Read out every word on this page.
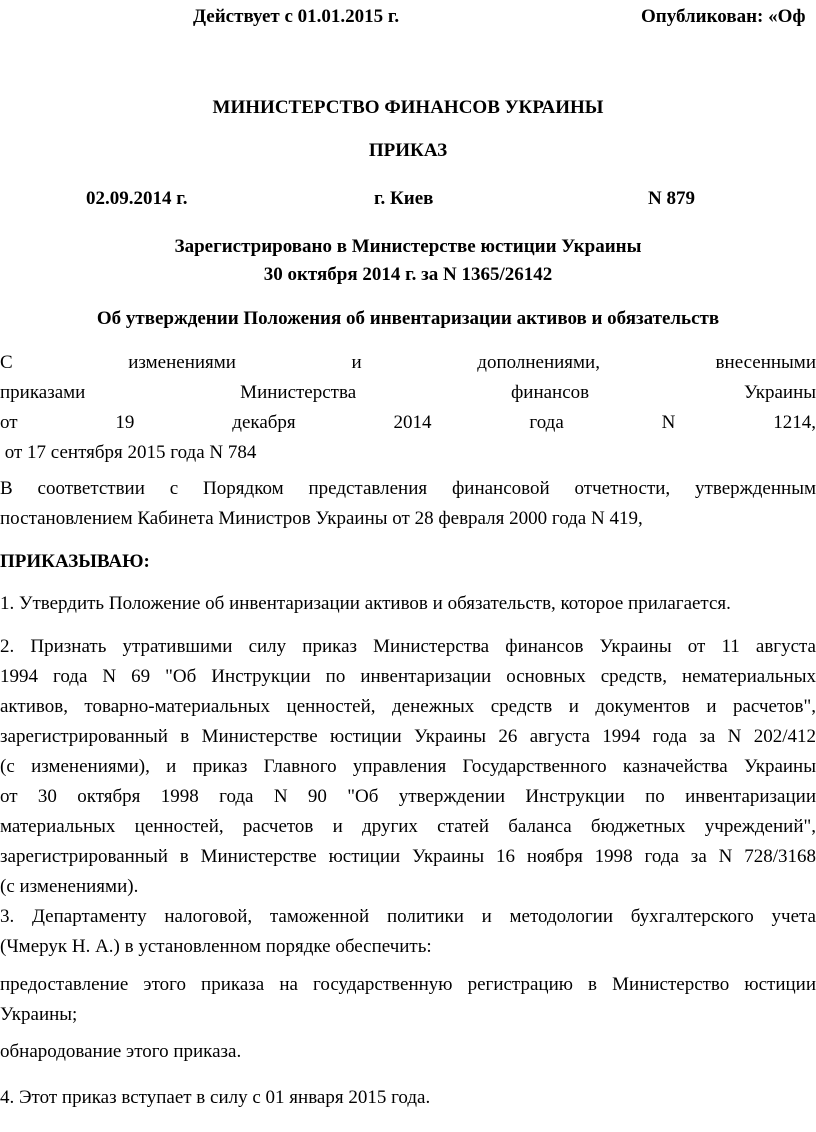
Действует с 01.01.2015 г.	Опубликован: «Оф
МИНИСТЕРСТВО ФИНАНСОВ УКРАИНЫ
ПРИКАЗ
02.09.2014 г.	г. Киев	N 879
Зарегистрировано в Министерстве юстиции Украины
30 октября 2014 г. за N 1365/26142
Об утверждении Положения об инвентаризации активов и обязательств
С изменениями и дополнениями, внесенными
приказами Министерства финансов Украины
от 19 декабря 2014 года N 1214,
от 17 сентября 2015 года N 784
В соответствии с Порядком представления финансовой отчетности, утвержденным
постановлением Кабинета Министров Украины от 28 февраля 2000 года N 419,
ПРИКАЗЫВАЮ:
1. Утвердить Положение об инвентаризации активов и обязательств, которое прилагается.
2. Признать утратившими силу приказ Министерства финансов Украины от 11 августа
1994 года N 69 "Об Инструкции по инвентаризации основных средств, нематериальных
активов, товарно-материальных ценностей, денежных средств и документов и расчетов",
зарегистрированный в Министерстве юстиции Украины 26 августа 1994 года за N 202/412
(с изменениями), и приказ Главного управления Государственного казначейства Украины
от 30 октября 1998 года N 90 "Об утверждении Инструкции по инвентаризации
материальных ценностей, расчетов и других статей баланса бюджетных учреждений",
зарегистрированный в Министерстве юстиции Украины 16 ноября 1998 года за N 728/3168
(с изменениями).
3. Департаменту налоговой, таможенной политики и методологии бухгалтерского учета
(Чмерук Н. А.) в установленном порядке обеспечить:
предоставление этого приказа на государственную регистрацию в Министерство юстиции
Украины;
обнародование этого приказа.
4. Этот приказ вступает в силу с 01 января 2015 года.
